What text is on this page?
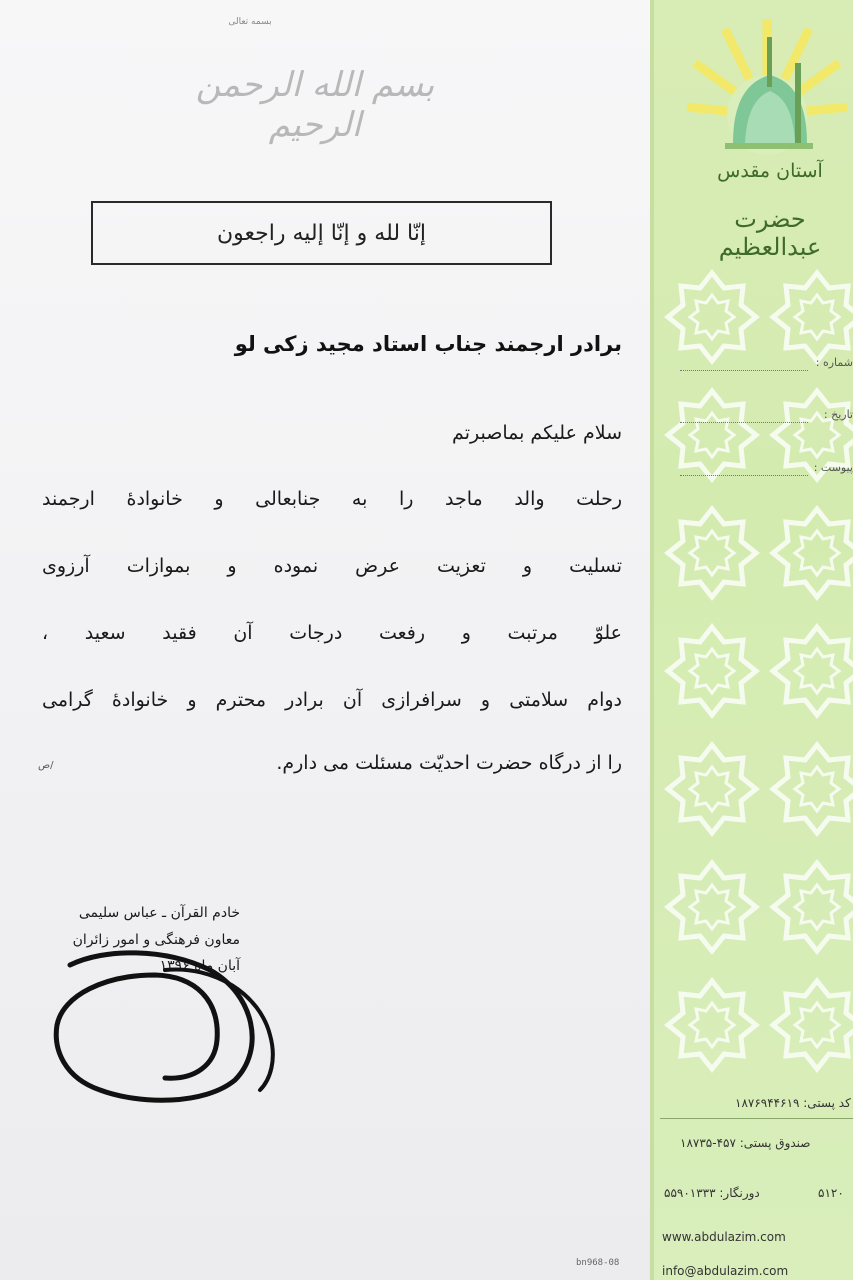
آستان مقدس
حضرت عبدالعظیم
شماره :
تاریخ :
پیوست :
کد پستی: ۱۸۷۶۹۴۴۶۱۹
صندوق پستی: ۴۵۷-۱۸۷۳۵
دورنگار: ۵۵۹۰۱۳۳۳	۵۱۲۰
www.abdulazim.com
info@abdulazim.com
بسمه تعالی
بسم الله الرحمن الرحیم
إنّا لله و إنّا إلیه راجعون
برادر ارجمند جناب استاد مجید زکی لو
سلام علیکم بماصبرتم
رحلت والد ماجد را به جنابعالی و خانوادهٔ ارجمند
تسلیت و تعزیت عرض نموده و بموازات آرزوی
علوّ مرتبت و رفعت درجات آن فقید سعید ،
دوام سلامتی و سرافرازی آن برادر محترم و خانوادهٔ گرامی
را از درگاه حضرت احدیّت مسئلت می دارم.
/ص
خادم القرآن ـ عباس سلیمی
معاون فرهنگی و امور زائران
آبان ماه ۱۳۹۶
bn968-08
